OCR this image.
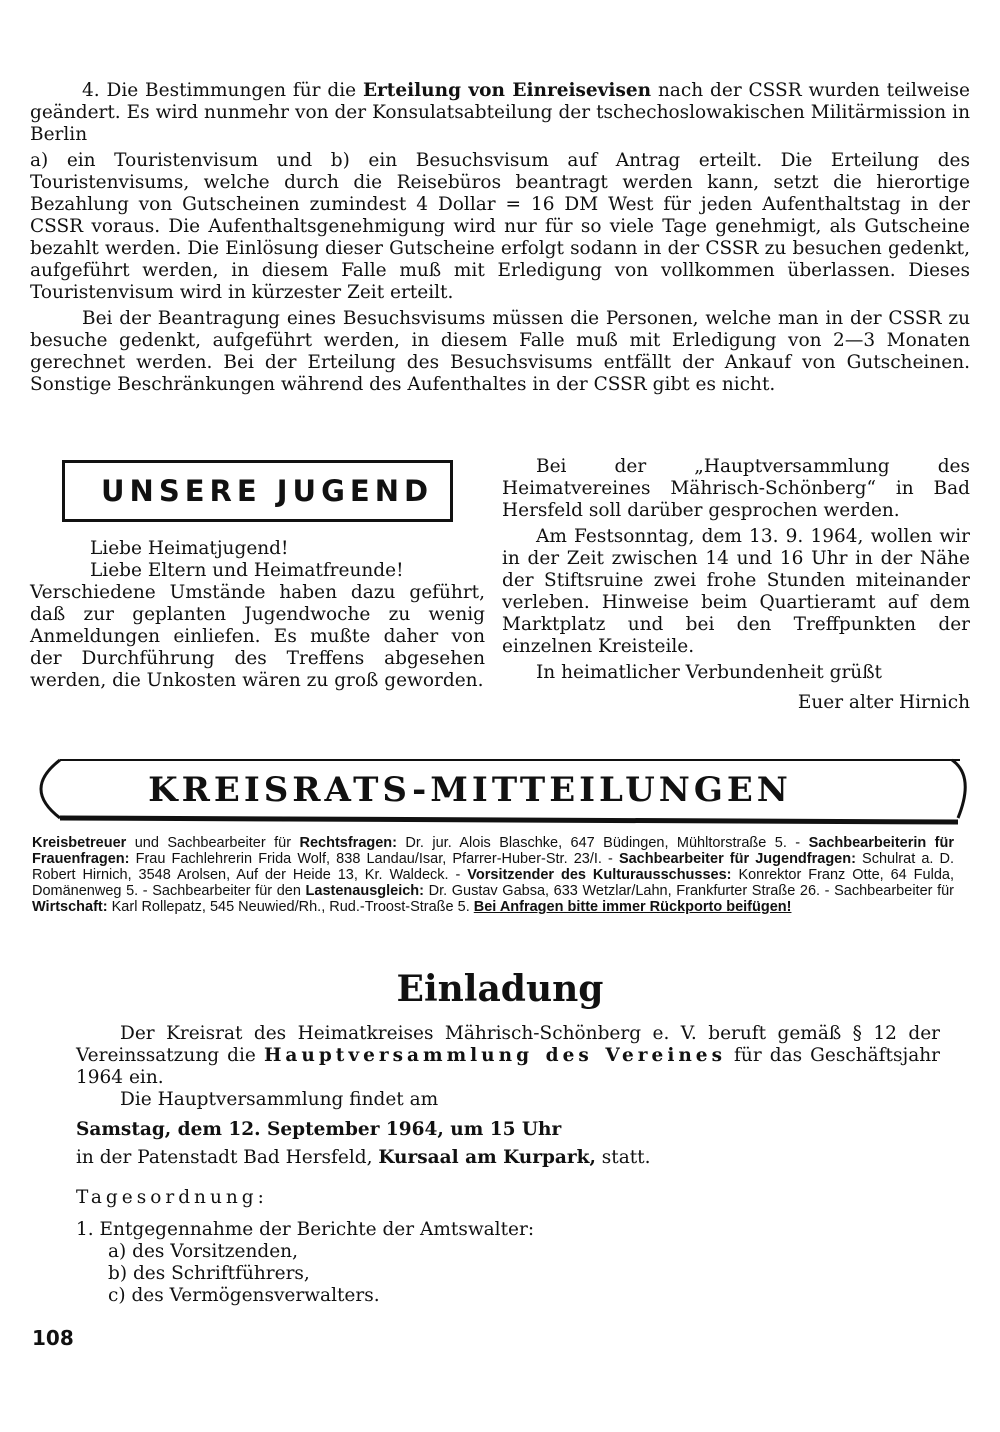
4. Die Bestimmungen für die Erteilung von Einreisevisen nach der CSSR wurden teilweise geändert. Es wird nunmehr von der Konsulatsabteilung der tschechoslowakischen Militärmission in Berlin

a) ein Touristenvisum und b) ein Besuchsvisum auf Antrag erteilt. Die Erteilung des Touristenvisums, welche durch die Reisebüros beantragt werden kann, setzt die hierortige Bezahlung von Gutscheinen zumindest 4 Dollar = 16 DM West für jeden Aufenthaltstag in der CSSR voraus. Die Aufenthaltsgenehmigung wird nur für so viele Tage genehmigt, als Gutscheine bezahlt werden. Die Einlösung dieser Gutscheine erfolgt sodann in der CSSR zu besuchen gedenkt, aufgeführt werden, in diesem Falle muß mit Erledigung von vollkommen überlassen. Dieses Touristenvisum wird in kürzester Zeit erteilt.

Bei der Beantragung eines Besuchsvisums müssen die Personen, welche man in der CSSR zu besuche gedenkt, aufgeführt werden, in diesem Falle muß mit Erledigung von 2—3 Monaten gerechnet werden. Bei der Erteilung des Besuchsvisums entfällt der Ankauf von Gutscheinen. Sonstige Beschränkungen während des Aufenthaltes in der CSSR gibt es nicht.

UNSERE JUGEND
Liebe Heimatjugend!
Liebe Eltern und Heimatfreunde!

Verschiedene Umstände haben dazu geführt, daß zur geplanten Jugendwoche zu wenig Anmeldungen einliefen. Es mußte daher von der Durchführung des Treffens abgesehen werden, die Unkosten wären zu groß geworden.

Bei der „Hauptversammlung des Heimatvereines Mährisch-Schönberg“ in Bad Hersfeld soll darüber gesprochen werden.

Am Festsonntag, dem 13. 9. 1964, wollen wir in der Zeit zwischen 14 und 16 Uhr in der Nähe der Stiftsruine zwei frohe Stunden miteinander verleben. Hinweise beim Quartieramt auf dem Marktplatz und bei den Treffpunkten der einzelnen Kreisteile.

In heimatlicher Verbundenheit grüßt

Euer alter Hirnich
KREISRATS-MITTEILUNGEN
Kreisbetreuer und Sachbearbeiter für Rechtsfragen: Dr. jur. Alois Blaschke, 647 Büdingen, Mühltorstraße 5. - Sachbearbeiterin für Frauenfragen: Frau Fachlehrerin Frida Wolf, 838 Landau/Isar, Pfarrer-Huber-Str. 23/I. - Sachbearbeiter für Jugendfragen: Schulrat a. D. Robert Hirnich, 3548 Arolsen, Auf der Heide 13, Kr. Waldeck. - Vorsitzender des Kulturausschusses: Konrektor Franz Otte, 64 Fulda, Domänenweg 5. - Sachbearbeiter für den Lastenausgleich: Dr. Gustav Gabsa, 633 Wetzlar/Lahn, Frankfurter Straße 26. - Sachbearbeiter für Wirtschaft: Karl Rollepatz, 545 Neuwied/Rh., Rud.-Troost-Straße 5. Bei Anfragen bitte immer Rückporto beifügen!
Einladung

Der Kreisrat des Heimatkreises Mährisch-Schönberg e. V. beruft gemäß § 12 der Vereinssatzung die Hauptversammlung des Vereines für das Geschäftsjahr 1964 ein.

Die Hauptversammlung findet am

Samstag, dem 12. September 1964, um 15 Uhr

in der Patenstadt Bad Hersfeld, Kursaal am Kurpark, statt.

Tagesordnung:

1. Entgegennahme der Berichte der Amtswalter:
a) des Vorsitzenden,
b) des Schriftführers,
c) des Vermögensverwalters.
108
